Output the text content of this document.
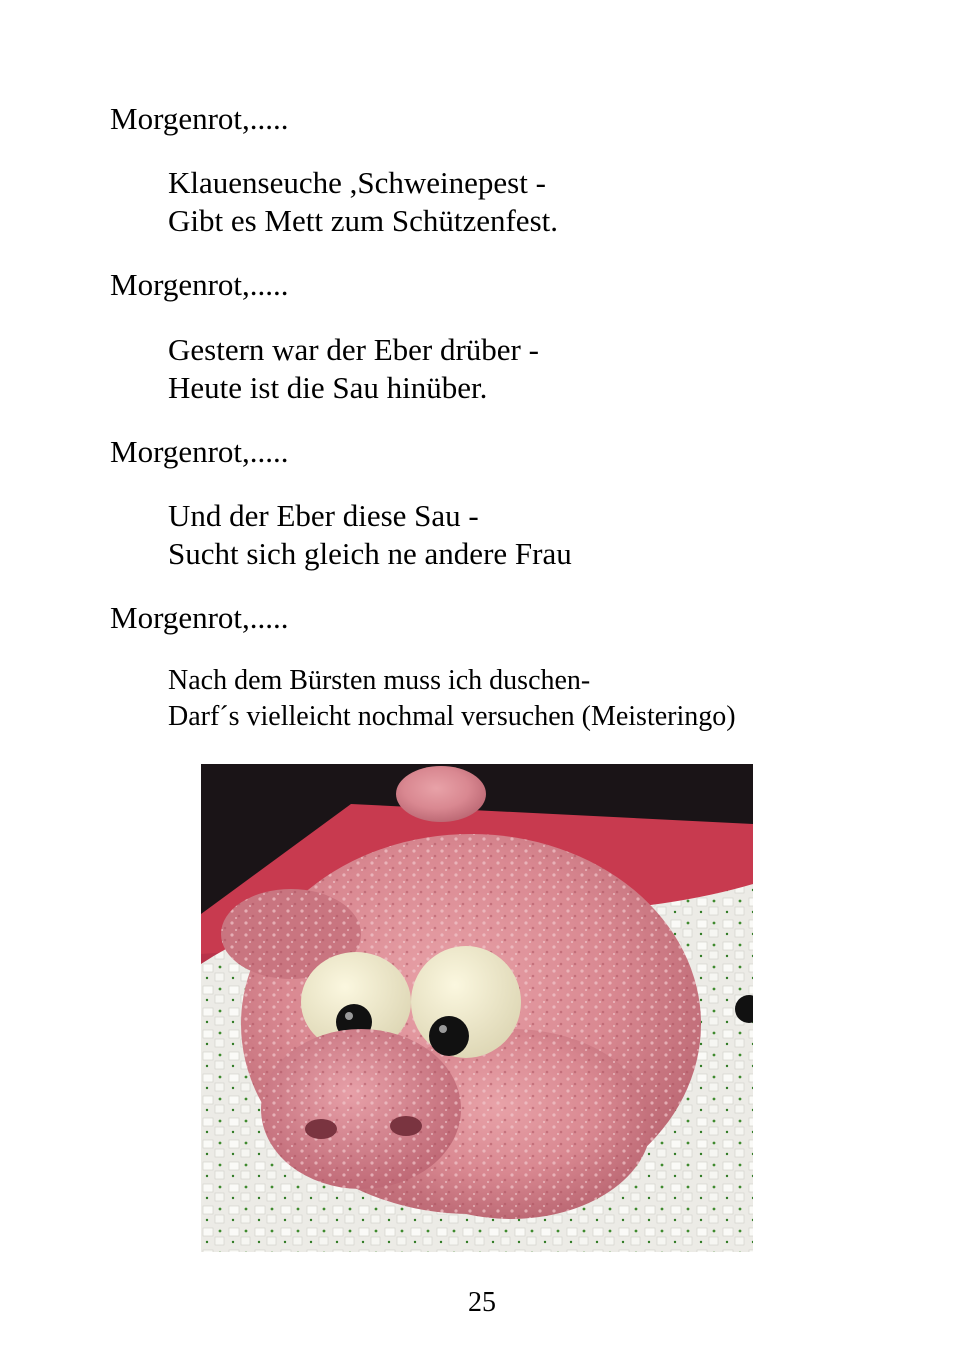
Morgenrot,.....
Klauenseuche ,Schweinepest -
Gibt es Mett zum Schützenfest.
Morgenrot,.....
Gestern war der Eber drüber -
Heute ist die Sau hinüber.
Morgenrot,.....
Und der Eber diese Sau -
Sucht sich gleich ne andere Frau
Morgenrot,.....
Nach dem Bürsten muss ich duschen-
Darf´s vielleicht nochmal versuchen (Meisteringo)
25
